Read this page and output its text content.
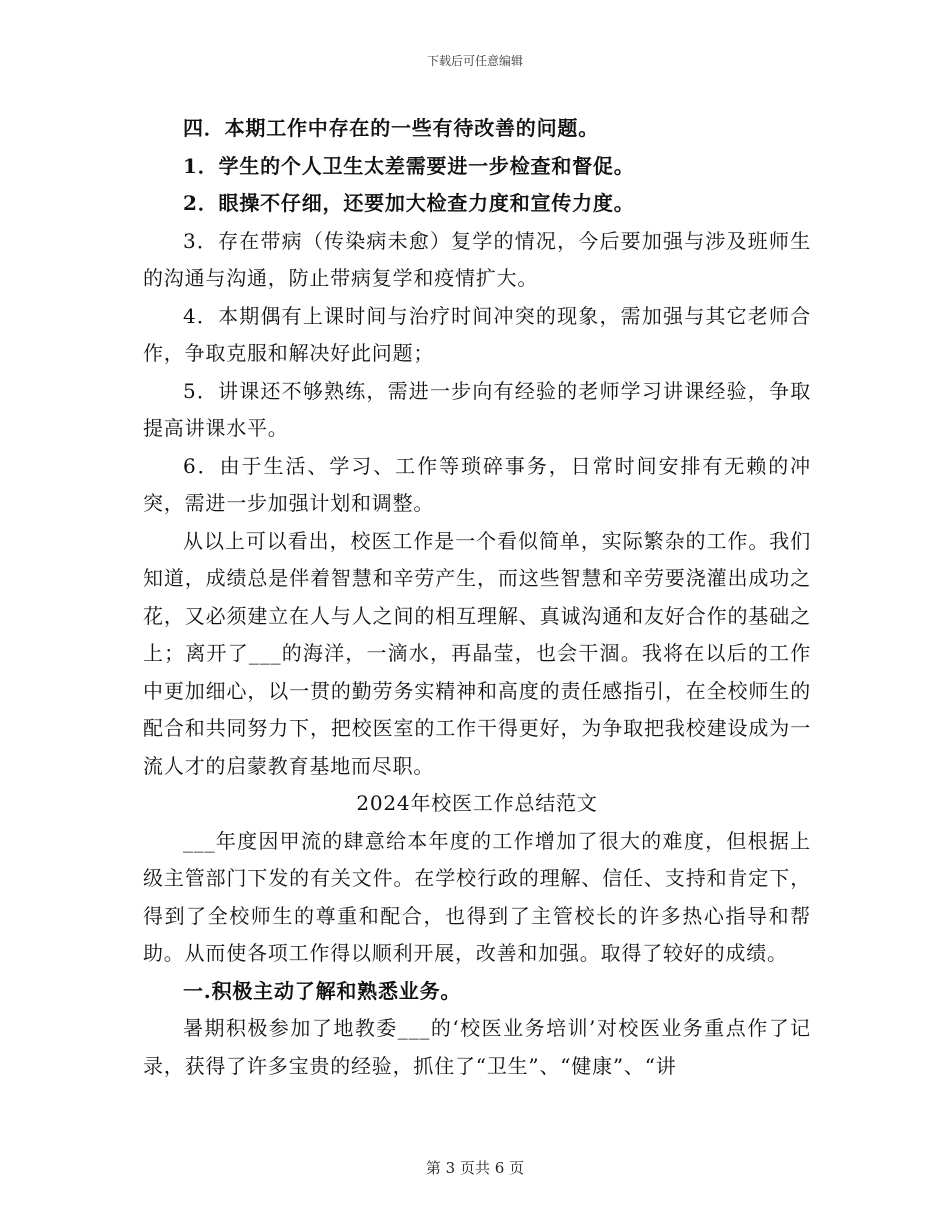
下载后可任意编辑

四．本期工作中存在的一些有待改善的问题。

1．学生的个人卫生太差需要进一步检查和督促。

2．眼操不仔细，还要加大检查力度和宣传力度。

3．存在带病（传染病未愈）复学的情况，今后要加强与涉及班师生的沟通与沟通，防止带病复学和疫情扩大。

4．本期偶有上课时间与治疗时间冲突的现象，需加强与其它老师合作，争取克服和解决好此问题；

5．讲课还不够熟练，需进一步向有经验的老师学习讲课经验，争取提高讲课水平。

6．由于生活、学习、工作等琐碎事务，日常时间安排有无赖的冲突，需进一步加强计划和调整。

从以上可以看出，校医工作是一个看似简单，实际繁杂的工作。我们知道，成绩总是伴着智慧和辛劳产生，而这些智慧和辛劳要浇灌出成功之花，又必须建立在人与人之间的相互理解、真诚沟通和友好合作的基础之上；离开了___的海洋，一滴水，再晶莹，也会干涸。我将在以后的工作中更加细心，以一贯的勤劳务实精神和高度的责任感指引，在全校师生的配合和共同努力下，把校医室的工作干得更好，为争取把我校建设成为一流人才的启蒙教育基地而尽职。

2024年校医工作总结范文

___年度因甲流的肆意给本年度的工作增加了很大的难度，但根据上级主管部门下发的有关文件。在学校行政的理解、信任、支持和肯定下，得到了全校师生的尊重和配合，也得到了主管校长的许多热心指导和帮助。从而使各项工作得以顺利开展，改善和加强。取得了较好的成绩。

一.积极主动了解和熟悉业务。

暑期积极参加了地教委___的‘校医业务培训’对校医业务重点作了记录，获得了许多宝贵的经验，抓住了“卫生”、“健康”、“讲

第 3 页共 6 页
